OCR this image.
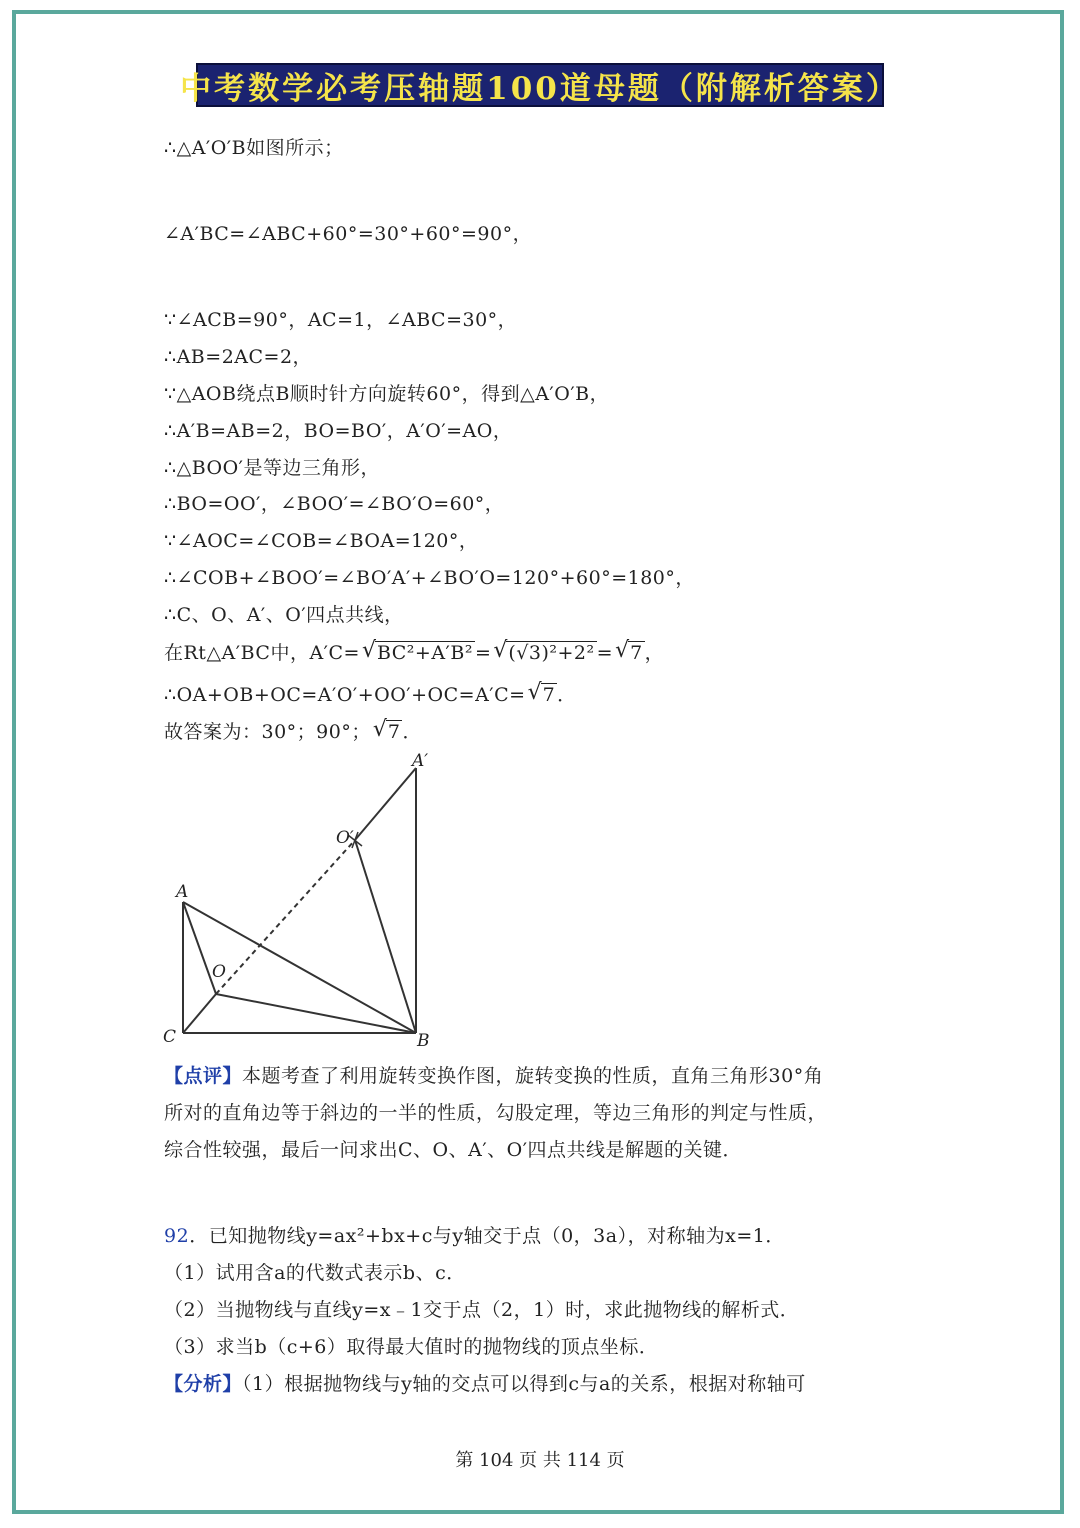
中考数学必考压轴题100道母题（附解析答案）
∴△A′O′B如图所示；
∠A′BC=∠ABC+60°=30°+60°=90°，
∵∠ACB=90°，AC=1，∠ABC=30°，
∴AB=2AC=2，
∵△AOB绕点B顺时针方向旋转60°，得到△A′O′B，
∴A′B=AB=2，BO=BO′，A′O′=AO，
∴△BOO′是等边三角形，
∴BO=OO′，∠BOO′=∠BO′O=60°，
∵∠AOC=∠COB=∠BOA=120°，
∴∠COB+∠BOO′=∠BO′A′+∠BO′O=120°+60°=180°，
∴C、O、A′、O′四点共线，
在Rt△A′BC中，A′C= √ BC²+A′B² = √ (√3)²+2² = √ 7 ，
∴OA+OB+OC=A′O′+OO′+OC=A′C= √ 7 ．
故答案为：30°；90°； √ 7 ．
A
C	B
O
A′
O′
【点评】本题考查了利用旋转变换作图，旋转变换的性质，直角三角形30°角
所对的直角边等于斜边的一半的性质，勾股定理，等边三角形的判定与性质，
综合性较强，最后一问求出C、O、A′、O′四点共线是解题的关键．
92．已知抛物线y=ax²+bx+c与y轴交于点（0，3a），对称轴为x=1．
（1）试用含a的代数式表示b、c．
（2）当抛物线与直线y=x﹣1交于点（2，1）时，求此抛物线的解析式．
（3）求当b（c+6）取得最大值时的抛物线的顶点坐标．
【分析】（1）根据抛物线与y轴的交点可以得到c与a的关系，根据对称轴可
第 104 页 共 114 页
